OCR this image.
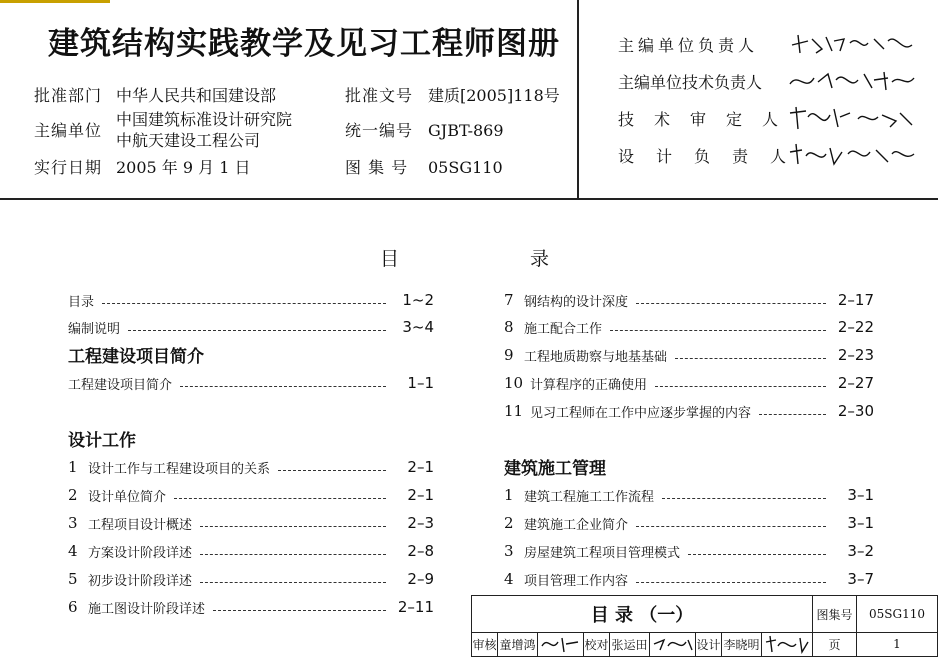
建筑结构实践教学及见习工程师图册
批准部门 中华人民共和国建设部
主编单位
中国建筑标准设计研究院
中航天建设工程公司
实行日期 2005 年 9 月 1 日
批准文号 建质[2005]118号
统一编号 GJBT-869
图 集 号 05SG110
主编单位负责人
主编单位技术负责人
技术审定人
设计负责人
目	录
目录	1~2
编制说明	3~4
工程建设项目简介
工程建设项目简介	1–1
设计工作
1 设计工作与工程建设项目的关系	2–1
2 设计单位简介	2–1
3 工程项目设计概述	2–3
4 方案设计阶段详述	2–8
5 初步设计阶段详述	2–9
6 施工图设计阶段详述	2–11
7 钢结构的设计深度	2–17
8 施工配合工作	2–22
9 工程地质勘察与地基基础	2–23
10 计算程序的正确使用	2–27
11 见习工程师在工作中应逐步掌握的内容	2–30
建筑施工管理
1 建筑工程施工工作流程	3–1
2 建筑施工企业简介	3–1
3 房屋建筑工程项目管理模式	3–2
4 项目管理工作内容	3–7
目 录 （一）	图集号	05SG110
审核 童增鸿	校对 张运田	设计 李晓明	页	1
